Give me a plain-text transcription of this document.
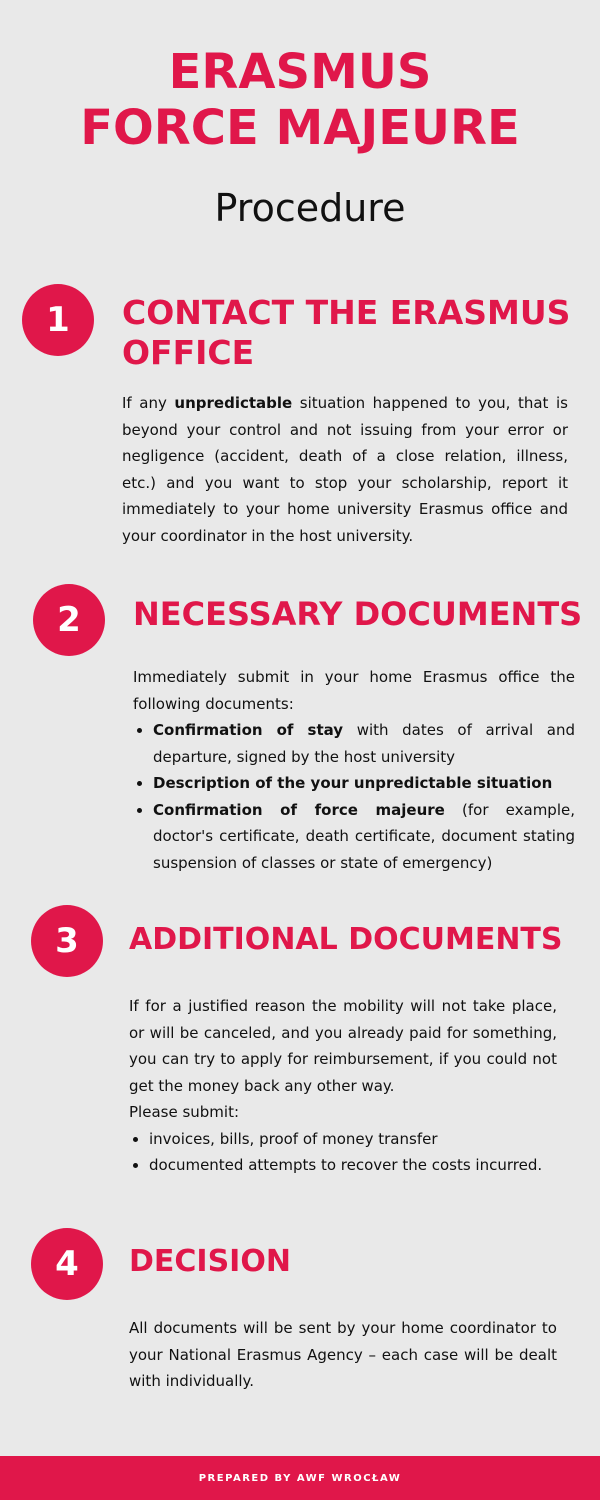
ERASMUS
FORCE MAJEURE
Procedure
1	CONTACT THE ERASMUS
OFFICE

If any unpredictable situation happened to you, that is beyond your control and not issuing from your error or negligence (accident, death of a close relation, illness, etc.) and you want to stop your scholarship, report it immediately to your home university Erasmus office and your coordinator in the host university.

2	NECESSARY DOCUMENTS

Immediately submit in your home Erasmus office the following documents:

• Confirmation of stay with dates of arrival and departure, signed by the host university
• Description of the your unpredictable situation
• Confirmation of force majeure (for example, doctor's certificate, death certificate, document stating suspension of classes or state of emergency)
3	ADDITIONAL DOCUMENTS

If for a justified reason the mobility will not take place, or will be canceled, and you already paid for something, you can try to apply for reimbursement, if you could not get the money back any other way.

Please submit:

• invoices, bills, proof of money transfer
• documented attempts to recover the costs incurred.
4	DECISION

All documents will be sent by your home coordinator to your National Erasmus Agency – each case will be dealt with individually.

PREPARED BY AWF WROCŁAW
